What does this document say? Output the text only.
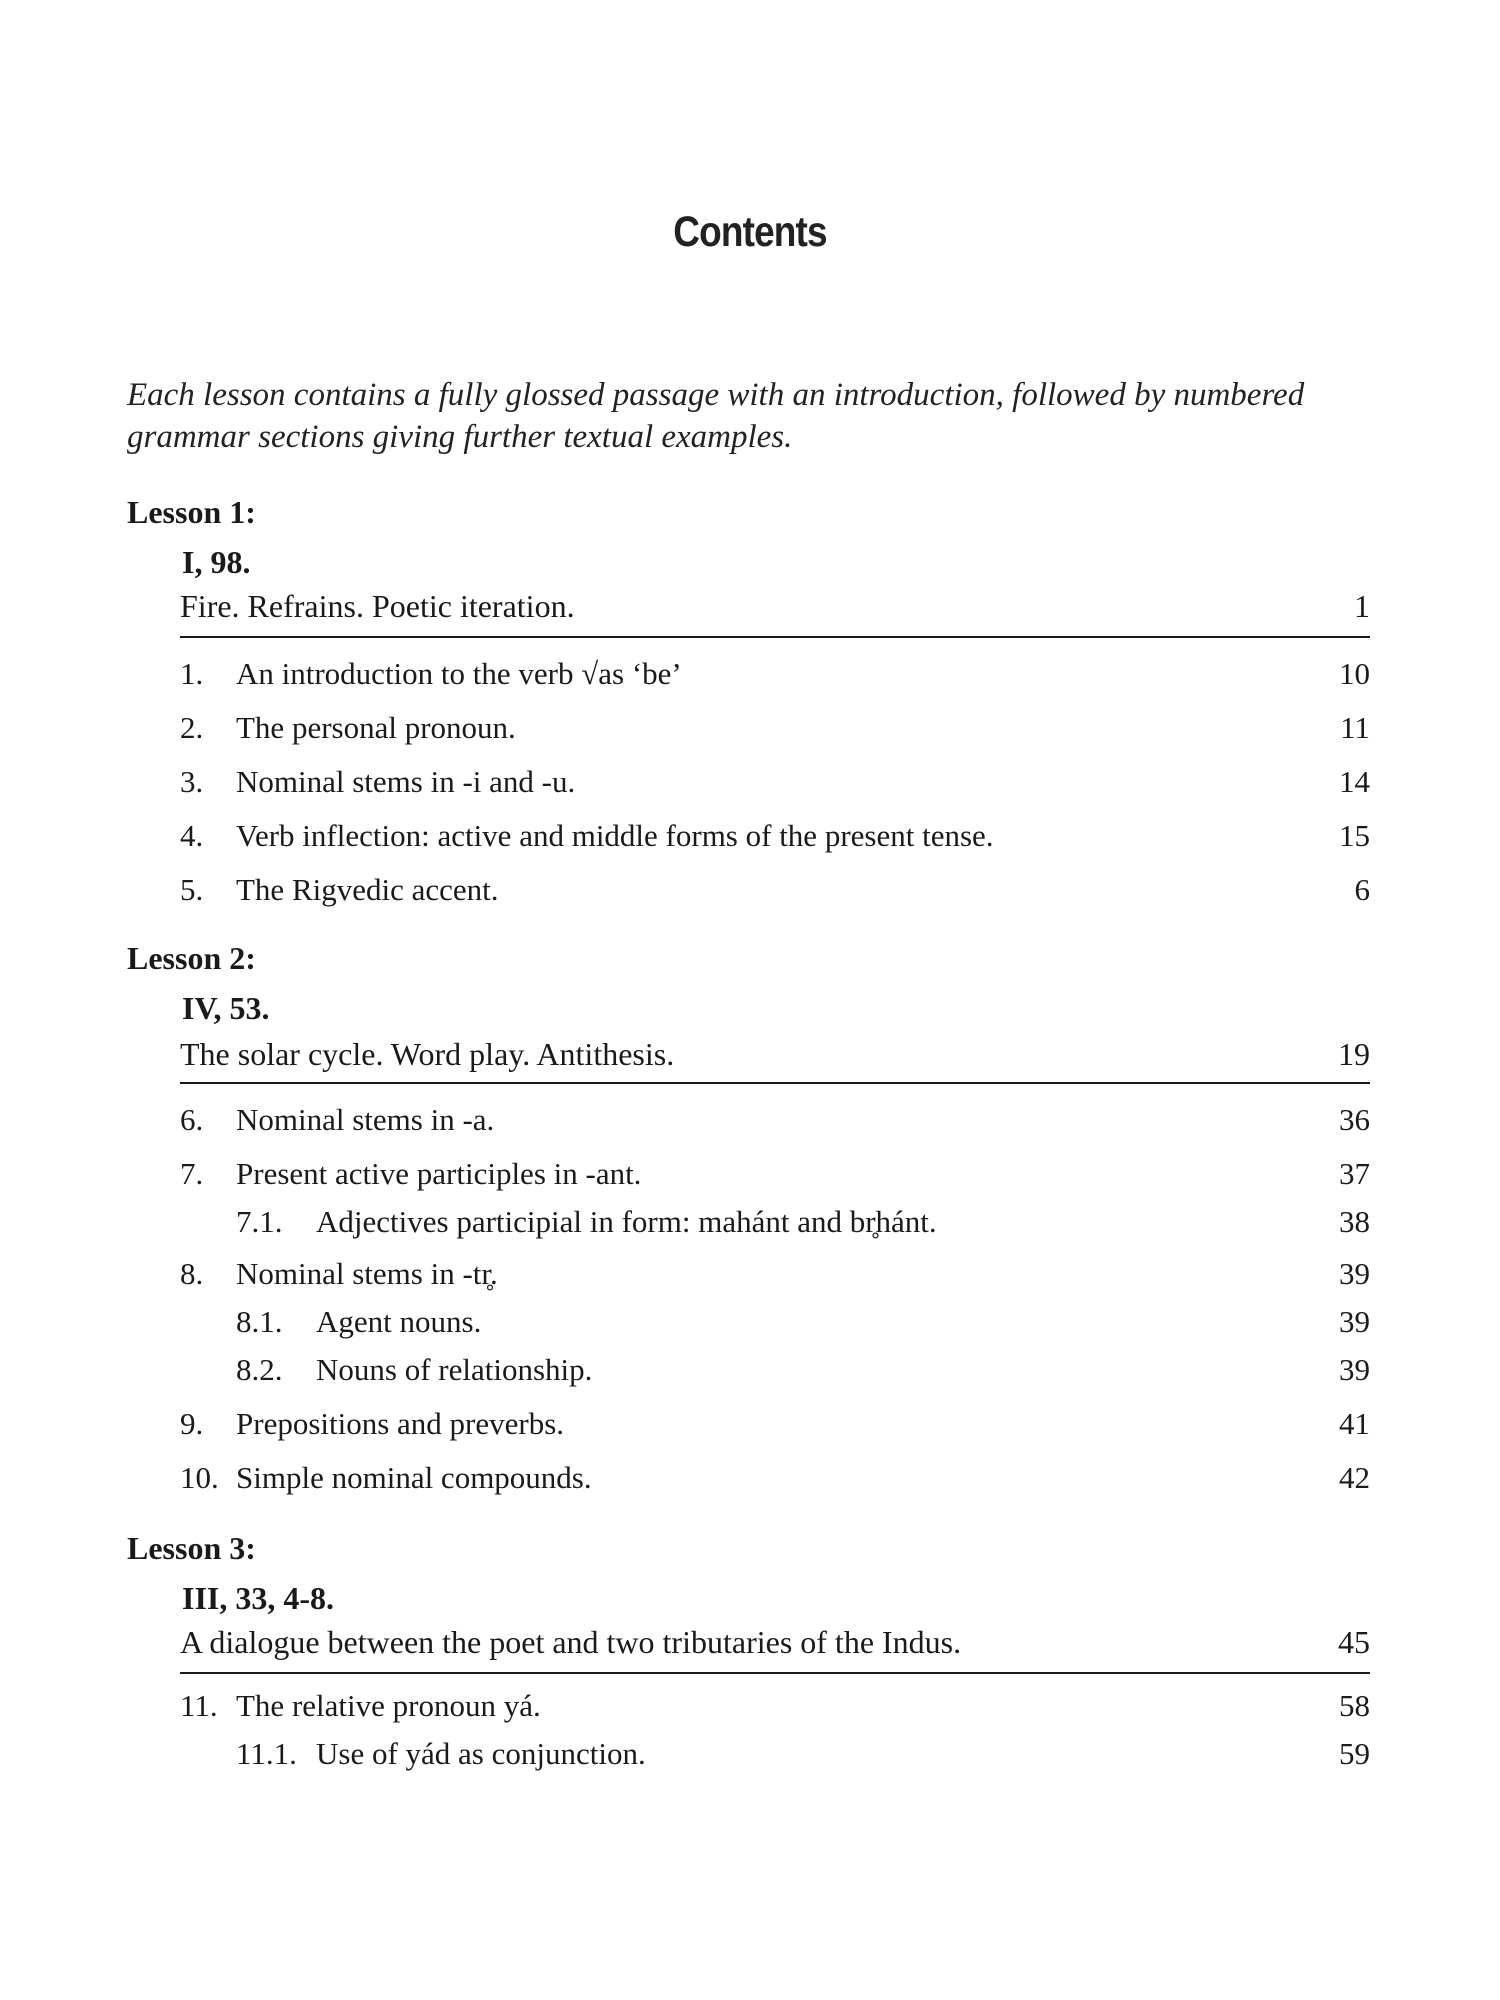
Contents
Each lesson contains a fully glossed passage with an introduction, followed by numbered
grammar sections giving further textual examples.
Lesson 1:
I, 98.
Fire. Refrains. Poetic iteration.	1
1. An introduction to the verb √as ‘be’	10
2. The personal pronoun.	11
3. Nominal stems in -i and -u.	14
4. Verb inflection: active and middle forms of the present tense.	15
5. The Rigvedic accent.	6
Lesson 2:
IV, 53.
The solar cycle. Word play. Antithesis.	19
6. Nominal stems in -a.	36
7. Present active participles in -ant.	37
7.1. Adjectives participial in form: mahánt and br̥hánt.	38
8. Nominal stems in -tr̥.	39
8.1. Agent nouns.	39
8.2. Nouns of relationship.	39
9. Prepositions and preverbs.	41
10. Simple nominal compounds.	42
Lesson 3:
III, 33, 4-8.
A dialogue between the poet and two tributaries of the Indus.	45
11. The relative pronoun yá.	58
11.1. Use of yád as conjunction.	59
